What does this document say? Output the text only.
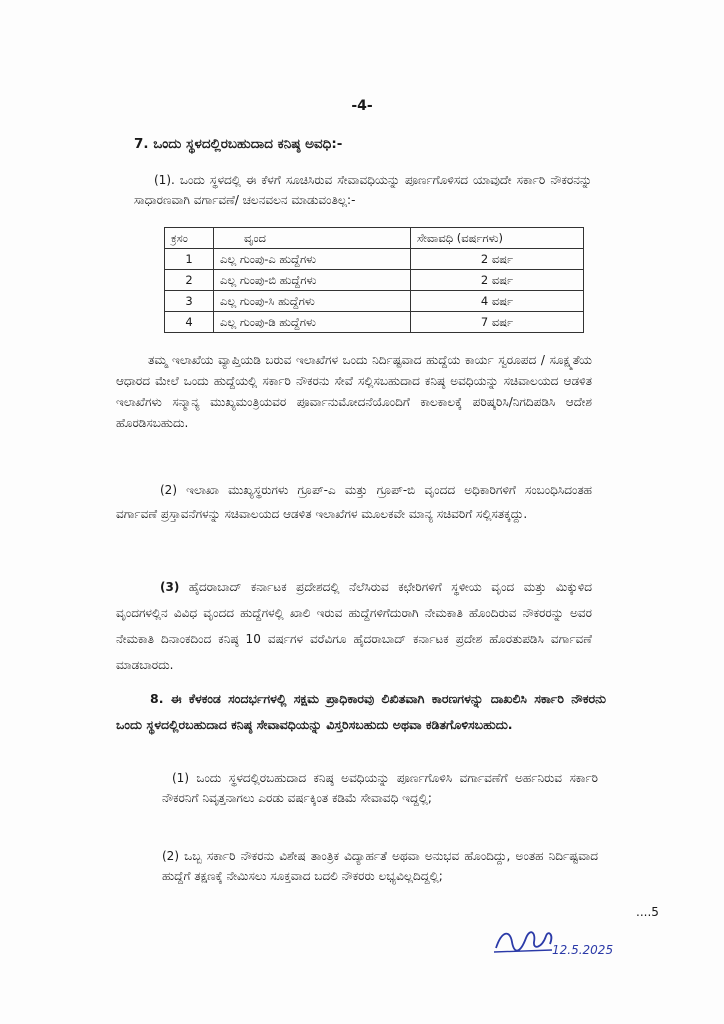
-4-
7. ಒಂದು ಸ್ಥಳದಲ್ಲಿರಬಹುದಾದ ಕನಿಷ್ಠ ಅವಧಿ:-

(1). ಒಂದು ಸ್ಥಳದಲ್ಲಿ ಈ ಕೆಳಗೆ ಸೂಚಿಸಿರುವ ಸೇವಾವಧಿಯನ್ನು ಪೂರ್ಣಗೊಳಿಸದ ಯಾವುದೇ ಸರ್ಕಾರಿ ನೌಕರನನ್ನು ಸಾಧಾರಣವಾಗಿ ವರ್ಗಾವಣೆ/ ಚಲನವಲನ ಮಾಡುವಂತಿಲ್ಲ:-

ಕ್ರಸಂ	ವೃಂದ	ಸೇವಾವಧಿ (ವರ್ಷಗಳು)
1	ಎಲ್ಲ ಗುಂಪು-ಎ ಹುದ್ದೆಗಳು	2 ವರ್ಷ
2	ಎಲ್ಲ ಗುಂಪು-ಬಿ ಹುದ್ದೆಗಳು	2 ವರ್ಷ
3	ಎಲ್ಲ ಗುಂಪು-ಸಿ ಹುದ್ದೆಗಳು	4 ವರ್ಷ
4	ಎಲ್ಲ ಗುಂಪು-ಡಿ ಹುದ್ದೆಗಳು	7 ವರ್ಷ

ತಮ್ಮ ಇಲಾಖೆಯ ವ್ಯಾಪ್ತಿಯಡಿ ಬರುವ ಇಲಾಖೆಗಳ ಒಂದು ನಿರ್ದಿಷ್ಟವಾದ ಹುದ್ದೆಯ ಕಾರ್ಯ ಸ್ವರೂಪದ / ಸೂಕ್ಷ್ಮತೆಯ ಆಧಾರದ ಮೇಲೆ ಒಂದು ಹುದ್ದೆಯಲ್ಲಿ ಸರ್ಕಾರಿ ನೌಕರನು ಸೇವೆ ಸಲ್ಲಿಸಬಹುದಾದ ಕನಿಷ್ಠ ಅವಧಿಯನ್ನು ಸಚಿವಾಲಯದ ಆಡಳಿತ ಇಲಾಖೆಗಳು ಸನ್ಮಾನ್ಯ ಮುಖ್ಯಮಂತ್ರಿಯವರ ಪೂರ್ವಾನುಮೋದನೆಯೊಂದಿಗೆ ಕಾಲಕಾಲಕ್ಕೆ ಪರಿಷ್ಕರಿಸಿ/ನಿಗದಿಪಡಿಸಿ ಆದೇಶ ಹೊರಡಿಸಬಹುದು.

(2) ಇಲಾಖಾ ಮುಖ್ಯಸ್ಥರುಗಳು ಗ್ರೂಪ್-ಎ ಮತ್ತು ಗ್ರೂಪ್-ಬಿ ವೃಂದದ ಅಧಿಕಾರಿಗಳಿಗೆ ಸಂಬಂಧಿಸಿದಂತಹ ವರ್ಗಾವಣೆ ಪ್ರಸ್ತಾವನೆಗಳನ್ನು ಸಚಿವಾಲಯದ ಆಡಳಿತ ಇಲಾಖೆಗಳ ಮೂಲಕವೇ ಮಾನ್ಯ ಸಚಿವರಿಗೆ ಸಲ್ಲಿಸತಕ್ಕದ್ದು.

(3) ಹೈದರಾಬಾದ್ ಕರ್ನಾಟಕ ಪ್ರದೇಶದಲ್ಲಿ ನೆಲೆಸಿರುವ ಕಛೇರಿಗಳಿಗೆ ಸ್ಥಳೀಯ ವೃಂದ ಮತ್ತು ಮಿಕ್ಕುಳಿದ ವೃಂದಗಳಲ್ಲಿನ ವಿವಿಧ ವೃಂದದ ಹುದ್ದೆಗಳಲ್ಲಿ ಖಾಲಿ ಇರುವ ಹುದ್ದೆಗಳಿಗೆದುರಾಗಿ ನೇಮಕಾತಿ ಹೊಂದಿರುವ ನೌಕರರನ್ನು ಅವರ ನೇಮಕಾತಿ ದಿನಾಂಕದಿಂದ ಕನಿಷ್ಠ 10 ವರ್ಷಗಳ ವರೆವಿಗೂ ಹೈದರಾಬಾದ್ ಕರ್ನಾಟಕ ಪ್ರದೇಶ ಹೊರತುಪಡಿಸಿ ವರ್ಗಾವಣೆ ಮಾಡಬಾರದು.

8. ಈ ಕೆಳಕಂಡ ಸಂದರ್ಭಗಳಲ್ಲಿ ಸಕ್ಷಮ ಪ್ರಾಧಿಕಾರವು ಲಿಖಿತವಾಗಿ ಕಾರಣಗಳನ್ನು ದಾಖಲಿಸಿ ಸರ್ಕಾರಿ ನೌಕರನು ಒಂದು ಸ್ಥಳದಲ್ಲಿರಬಹುದಾದ ಕನಿಷ್ಠ ಸೇವಾವಧಿಯನ್ನು ವಿಸ್ತರಿಸಬಹುದು ಅಥವಾ ಕಡಿತಗೊಳಿಸಬಹುದು.

(1) ಒಂದು ಸ್ಥಳದಲ್ಲಿರಬಹುದಾದ ಕನಿಷ್ಠ ಅವಧಿಯನ್ನು ಪೂರ್ಣಗೊಳಿಸಿ ವರ್ಗಾವಣೆಗೆ ಅರ್ಹನಿರುವ ಸರ್ಕಾರಿ ನೌಕರನಿಗೆ ನಿವೃತ್ತನಾಗಲು ಎರಡು ವರ್ಷಕ್ಕಿಂತ ಕಡಿಮೆ ಸೇವಾವಧಿ ಇದ್ದಲ್ಲಿ;

(2) ಒಬ್ಬ ಸರ್ಕಾರಿ ನೌಕರನು ವಿಶೇಷ ತಾಂತ್ರಿಕ ವಿದ್ಯಾರ್ಹತೆ ಅಥವಾ ಅನುಭವ ಹೊಂದಿದ್ದು, ಅಂತಹ ನಿರ್ದಿಷ್ಟವಾದ ಹುದ್ದೆಗೆ ತಕ್ಷಣಕ್ಕೆ ನೇಮಿಸಲು ಸೂಕ್ತವಾದ ಬದಲಿ ನೌಕರರು ಲಭ್ಯವಿಲ್ಲದಿದ್ದಲ್ಲಿ;

....5
12.5.2025
